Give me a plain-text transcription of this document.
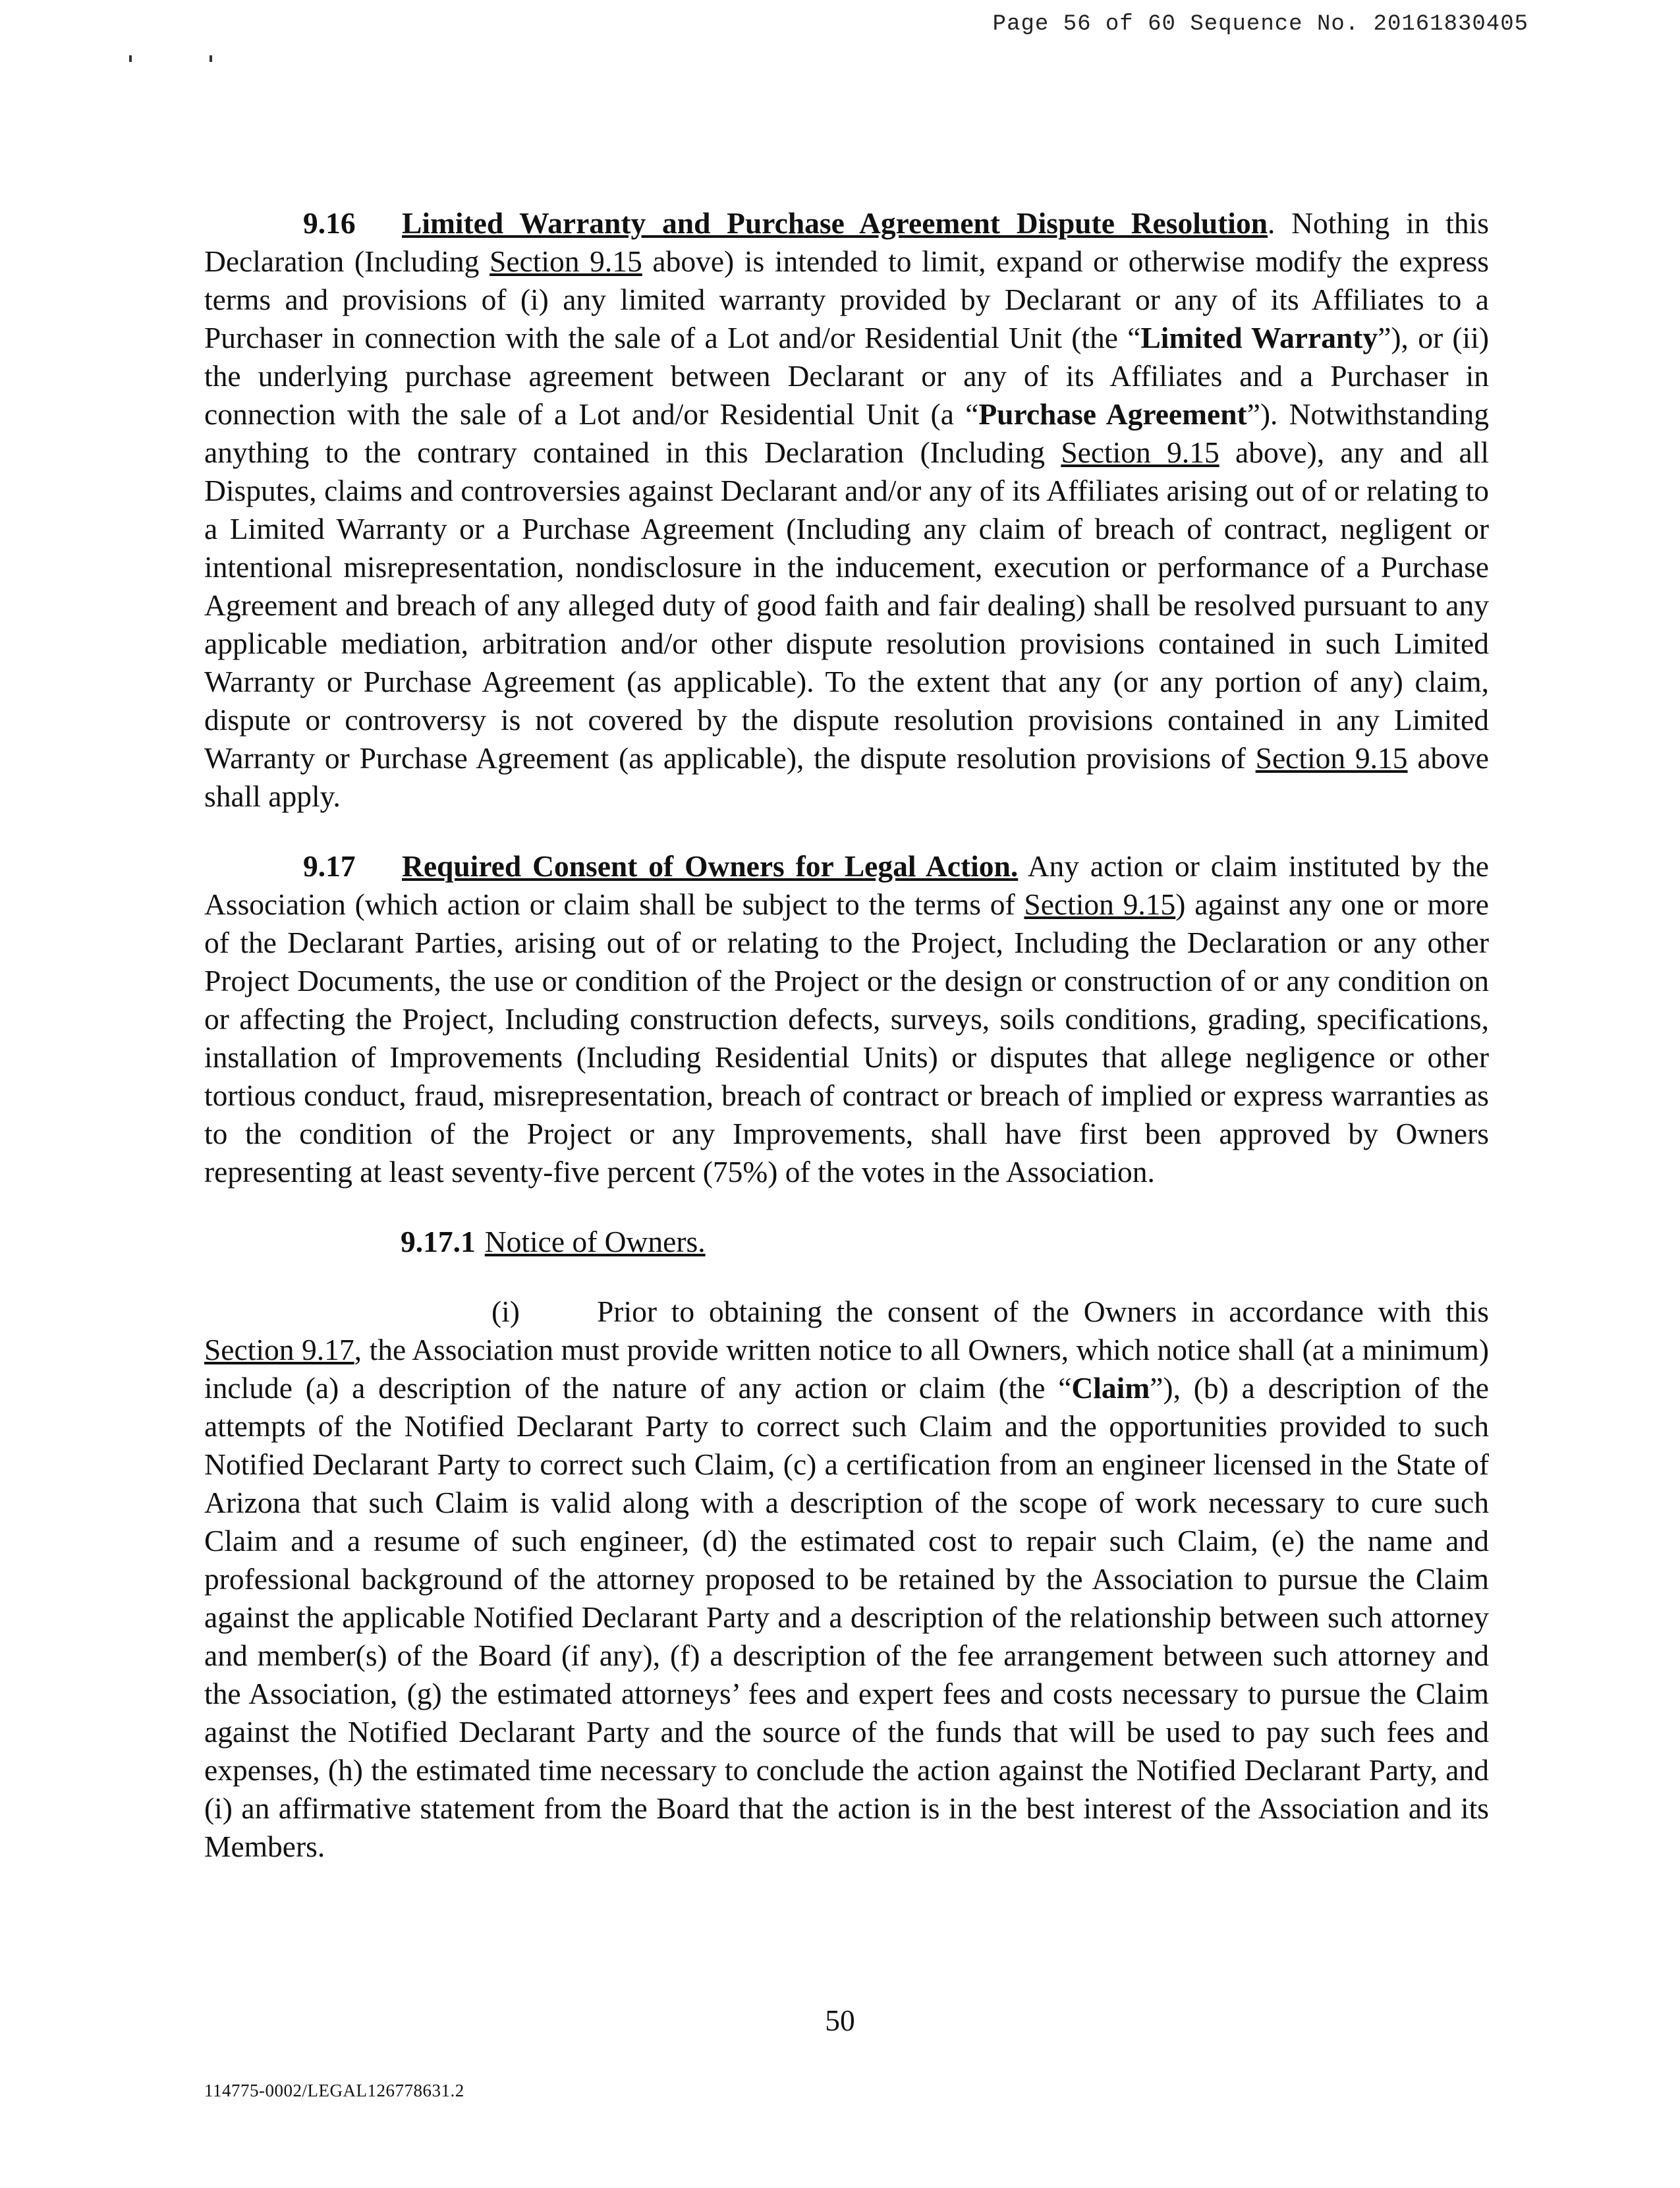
Page 56 of 60 Sequence No. 20161830405

9.16 Limited Warranty and Purchase Agreement Dispute Resolution. Nothing in this Declaration (Including Section 9.15 above) is intended to limit, expand or otherwise modify the express terms and provisions of (i) any limited warranty provided by Declarant or any of its Affiliates to a Purchaser in connection with the sale of a Lot and/or Residential Unit (the “Limited Warranty”), or (ii) the underlying purchase agreement between Declarant or any of its Affiliates and a Purchaser in connection with the sale of a Lot and/or Residential Unit (a “Purchase Agreement”). Notwithstanding anything to the contrary contained in this Declaration (Including Section 9.15 above), any and all Disputes, claims and controversies against Declarant and/or any of its Affiliates arising out of or relating to a Limited Warranty or a Purchase Agreement (Including any claim of breach of contract, negligent or intentional misrepresentation, nondisclosure in the inducement, execution or performance of a Purchase Agreement and breach of any alleged duty of good faith and fair dealing) shall be resolved pursuant to any applicable mediation, arbitration and/or other dispute resolution provisions contained in such Limited Warranty or Purchase Agreement (as applicable). To the extent that any (or any portion of any) claim, dispute or controversy is not covered by the dispute resolution provisions contained in any Limited Warranty or Purchase Agreement (as applicable), the dispute resolution provisions of Section 9.15 above shall apply.

9.17 Required Consent of Owners for Legal Action. Any action or claim instituted by the Association (which action or claim shall be subject to the terms of Section 9.15) against any one or more of the Declarant Parties, arising out of or relating to the Project, Including the Declaration or any other Project Documents, the use or condition of the Project or the design or construction of or any condition on or affecting the Project, Including construction defects, surveys, soils conditions, grading, specifications, installation of Improvements (Including Residential Units) or disputes that allege negligence or other tortious conduct, fraud, misrepresentation, breach of contract or breach of implied or express warranties as to the condition of the Project or any Improvements, shall have first been approved by Owners representing at least seventy-five percent (75%) of the votes in the Association.

9.17.1 Notice of Owners.

(i)	Prior to obtaining the consent of the Owners in accordance with this Section 9.17, the Association must provide written notice to all Owners, which notice shall (at a minimum) include (a) a description of the nature of any action or claim (the “Claim”), (b) a description of the attempts of the Notified Declarant Party to correct such Claim and the opportunities provided to such Notified Declarant Party to correct such Claim, (c) a certification from an engineer licensed in the State of Arizona that such Claim is valid along with a description of the scope of work necessary to cure such Claim and a resume of such engineer, (d) the estimated cost to repair such Claim, (e) the name and professional background of the attorney proposed to be retained by the Association to pursue the Claim against the applicable Notified Declarant Party and a description of the relationship between such attorney and member(s) of the Board (if any), (f) a description of the fee arrangement between such attorney and the Association, (g) the estimated attorneys’ fees and expert fees and costs necessary to pursue the Claim against the Notified Declarant Party and the source of the funds that will be used to pay such fees and expenses, (h) the estimated time necessary to conclude the action against the Notified Declarant Party, and (i) an affirmative statement from the Board that the action is in the best interest of the Association and its Members.

50
114775-0002/LEGAL126778631.2
